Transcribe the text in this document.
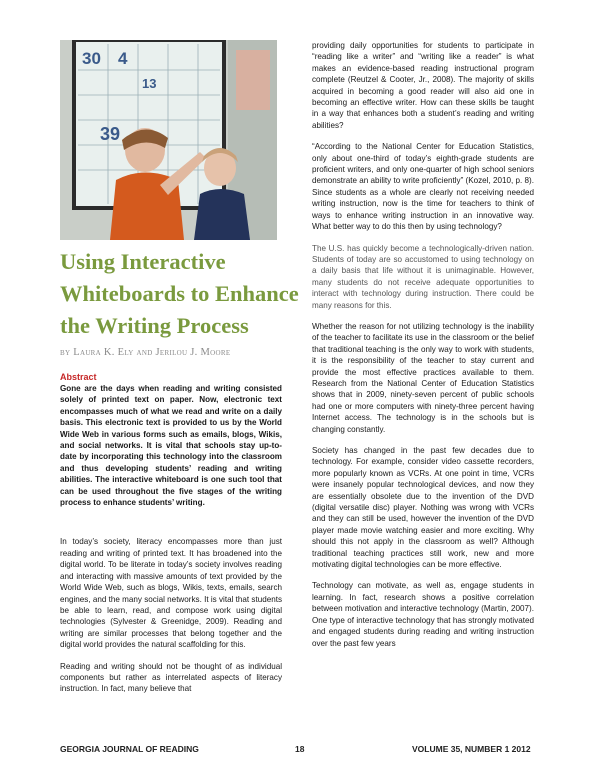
30 4
13
39
Using Interactive
Whiteboards to Enhance
the Writing Process
by Laura K. Ely and Jerilou J. Moore
Abstract

Gone are the days when reading and writing consisted solely of printed text on paper. Now, electronic text encompasses much of what we read and write on a daily basis. This electronic text is provided to us by the World Wide Web in various forms such as emails, blogs, Wikis, and social networks. It is vital that schools stay up-to-date by incorporating this technology into the classroom and thus developing students’ reading and writing abilities. The interactive whiteboard is one such tool that can be used throughout the five stages of the writing process to enhance students’ writing.

In today’s society, literacy encompasses more than just reading and writing of printed text. It has broadened into the digital world. To be literate in today’s society involves reading and interacting with massive amounts of text provided by the World Wide Web, such as blogs, Wikis, texts, emails, search engines, and the many social networks. It is vital that students be able to learn, read, and compose work using digital technologies (Sylvester & Greenidge, 2009). Reading and writing are similar processes that belong together and the digital world provides the natural scaffolding for this.

Reading and writing should not be thought of as individual components but rather as interrelated aspects of literacy instruction. In fact, many believe that

providing daily opportunities for students to participate in “reading like a writer” and “writing like a reader” is what makes an evidence-based reading instructional program complete (Reutzel & Cooter, Jr., 2008). The majority of skills acquired in becoming a good reader will also aid one in becoming an effective writer. How can these skills be taught in a way that enhances both a student’s reading and writing abilities?

“According to the National Center for Education Statistics, only about one-third of today’s eighth-grade students are proficient writers, and only one-quarter of high school seniors demonstrate an ability to write proficiently” (Kozel, 2010, p. 8). Since students as a whole are clearly not receiving needed writing instruction, now is the time for teachers to think of ways to enhance writing instruction in an innovative way. What better way to do this then by using technology?

The U.S. has quickly become a technologically-driven nation. Students of today are so accustomed to using technology on a daily basis that life without it is unimaginable. However, many students do not receive adequate opportunities to interact with technology during instruction. There could be many reasons for this.

Whether the reason for not utilizing technology is the inability of the teacher to facilitate its use in the classroom or the belief that traditional teaching is the only way to work with students, it is the responsibility of the teacher to stay current and provide the most effective practices available to them. Research from the National Center of Education Statistics shows that in 2009, ninety-seven percent of public schools had one or more computers with ninety-three percent having Internet access. The technology is in the schools but is changing constantly.

Society has changed in the past few decades due to technology. For example, consider video cassette recorders, more popularly known as VCRs. At one point in time, VCRs were insanely popular technological devices, and now they are essentially obsolete due to the invention of the DVD (digital versatile disc) player. Nothing was wrong with VCRs and they can still be used, however the invention of the DVD player made movie watching easier and more exciting. Why should this not apply in the classroom as well? Although traditional teaching practices still work, new and more motivating digital technologies can be more effective.

Technology can motivate, as well as, engage students in learning. In fact, research shows a positive correlation between motivation and interactive technology (Martin, 2007). One type of interactive technology that has strongly motivated and engaged students during reading and writing instruction over the past few years

GEORGIA JOURNAL OF READING	18	VOLUME 35, NUMBER 1 2012
